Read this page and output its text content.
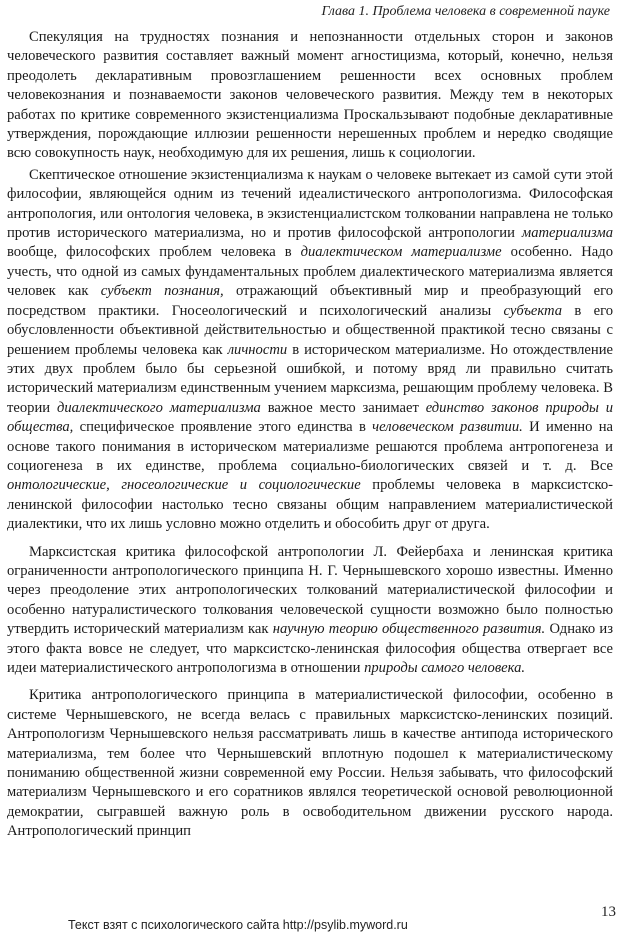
Глава 1. Проблема человека в современной пауке

Спекуляция на трудностях познания и непознанности отдельных сторон и законов человеческого развития составляет важный момент агностицизма, который, конечно, нельзя преодолеть декларативным провозглашением решенности всех основных проблем человекознания и познаваемости законов человеческого развития. Между тем в некоторых работах по критике современного экзистенциализма Проскальзывают подобные декларативные утверждения, порождающие иллюзии решенности нерешенных проблем и нередко сводящие всю совокупность наук, необходимую для их решения, лишь к социологии.

Скептическое отношение экзистенциализма к наукам о человеке вытекает из самой сути этой философии, являющейся одним из течений идеалистического антропологизма. Философская антропология, или онтология человека, в экзистенциалистском толковании направлена не только против исторического материализма, но и против философской антропологии материализма вообще, философских проблем человека в диалектическом материализме особенно. Надо учесть, что одной из самых фундаментальных проблем диалектического материализма является человек как субъект познания, отражающий объективный мир и преобразующий его посредством практики. Гносеологический и психологический анализы субъекта в его обусловленности объективной действительностью и общественной практикой тесно связаны с решением проблемы человека как личности в историческом материализме. Но отождествление этих двух проблем было бы серьезной ошибкой, и потому вряд ли правильно считать исторический материализм единственным учением марксизма, решающим проблему человека. В теории диалектического материализма важное место занимает единство законов природы и общества, специфическое проявление этого единства в человеческом развитии. И именно на основе такого понимания в историческом материализме решаются проблема антропогенеза и социогенеза в их единстве, проблема социально-биологических связей и т. д. Все онтологические, гносеологические и социологические проблемы человека в марксистско-ленинской философии настолько тесно связаны общим направлением материалистической диалектики, что их лишь условно можно отделить и обособить друг от друга.

Марксистская критика философской антропологии Л. Фейербаха и ленинская критика ограниченности антропологического принципа Н. Г. Чернышевского хорошо известны. Именно через преодоление этих антропологических толкований материалистической философии и особенно натуралистического толкования человеческой сущности возможно было полностью утвердить исторический материализм как научную теорию общественного развития. Однако из этого факта вовсе не следует, что марксистско-ленинская философия общества отвергает все идеи материалистического антропологизма в отношении природы самого человека.

Критика антропологического принципа в материалистической философии, особенно в системе Чернышевского, не всегда велась с правильных марксистско-ленинских позиций. Антропологизм Чернышевского нельзя рассматривать лишь в качестве антипода исторического материализма, тем более что Чернышевский вплотную подошел к материалистическому пониманию общественной жизни современной ему России. Нельзя забывать, что философский материализм Чернышевского и его соратников являлся теоретической основой революционной демократии, сыгравшей важную роль в освободительном движении русского народа. Антропологический принцип

Текст взят с психологического сайта http://psylib.myword.ru
13
